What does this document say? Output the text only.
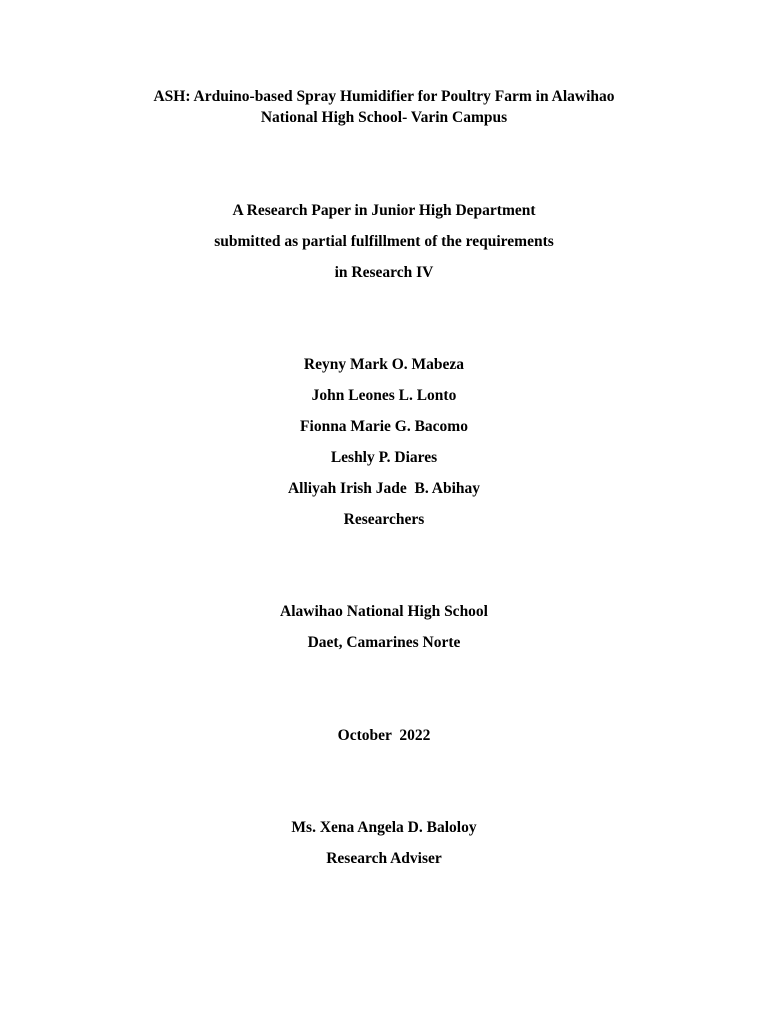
ASH: Arduino-based Spray Humidifier for Poultry Farm in Alawihao
National High School- Varin Campus
A Research Paper in Junior High Department
submitted as partial fulfillment of the requirements
in Research IV
Reyny Mark O. Mabeza
John Leones L. Lonto
Fionna Marie G. Bacomo
Leshly P. Diares
Alliyah Irish Jade  B. Abihay
Researchers
Alawihao National High School
Daet, Camarines Norte
October  2022
Ms. Xena Angela D. Baloloy
Research Adviser
